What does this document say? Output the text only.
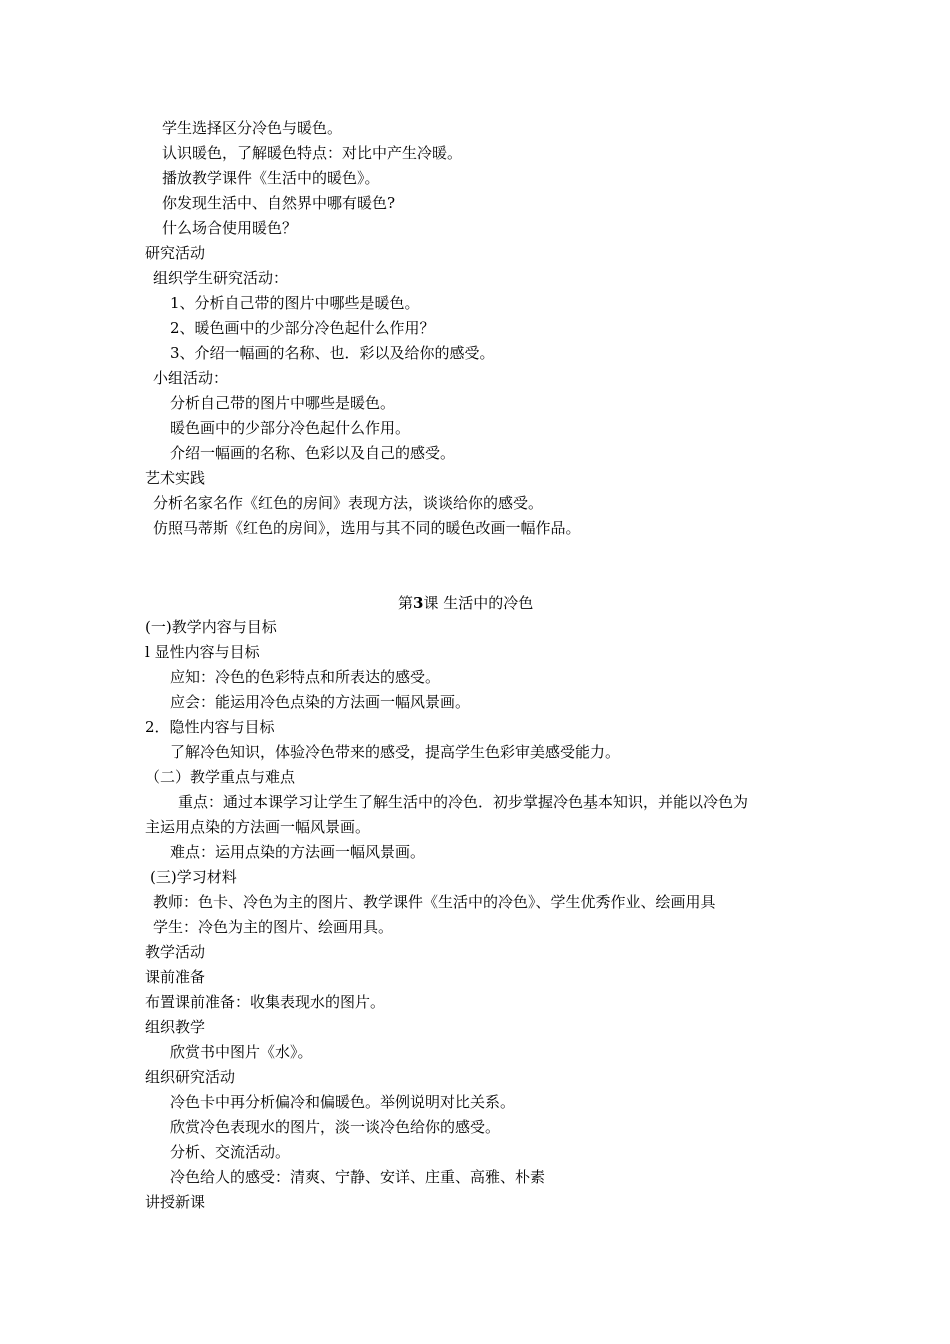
学生选择区分冷色与暖色。
认识暖色，了解暖色特点：对比中产生冷暖。
播放教学课件《生活中的暖色》。
你发现生活中、自然界中哪有暖色?
什么场合使用暖色？
研究活动
组织学生研究活动：
1、分析自己带的图片中哪些是暖色。
2、暖色画中的少部分冷色起什么作用？
3、介绍一幅画的名称、也．彩以及给你的感受。
小组活动：
分析自己带的图片中哪些是暖色。
暖色画中的少部分冷色起什么作用。
介绍一幅画的名称、色彩以及自己的感受。
艺术实践
分析名家名作《红色的房间》表现方法，谈谈给你的感受。
仿照马蒂斯《红色的房间》，选用与其不同的暖色改画一幅作品。
第3课 生活中的冷色
(一)教学内容与目标
l 显性内容与目标
应知：冷色的色彩特点和所表达的感受。
应会：能运用冷色点染的方法画一幅风景画。
2．隐性内容与目标
了解冷色知识，体验冷色带来的感受，提高学生色彩审美感受能力。
（二）教学重点与难点
重点：通过本课学习让学生了解生活中的冷色．初步掌握冷色基本知识，并能以冷色为
主运用点染的方法画一幅风景画。
难点：运用点染的方法画一幅风景画。
(三)学习材料
教师：色卡、冷色为主的图片、教学课件《生活中的冷色》、学生优秀作业、绘画用具
学生：冷色为主的图片、绘画用具。
教学活动
课前准备
布置课前准备：收集表现水的图片。
组织教学
欣赏书中图片《水》。
组织研究活动
冷色卡中再分析偏冷和偏暖色。举例说明对比关系。
欣赏冷色表现水的图片，淡一谈冷色给你的感受。
分析、交流活动。
冷色给人的感受：清爽、宁静、安详、庄重、高雅、朴素
讲授新课
